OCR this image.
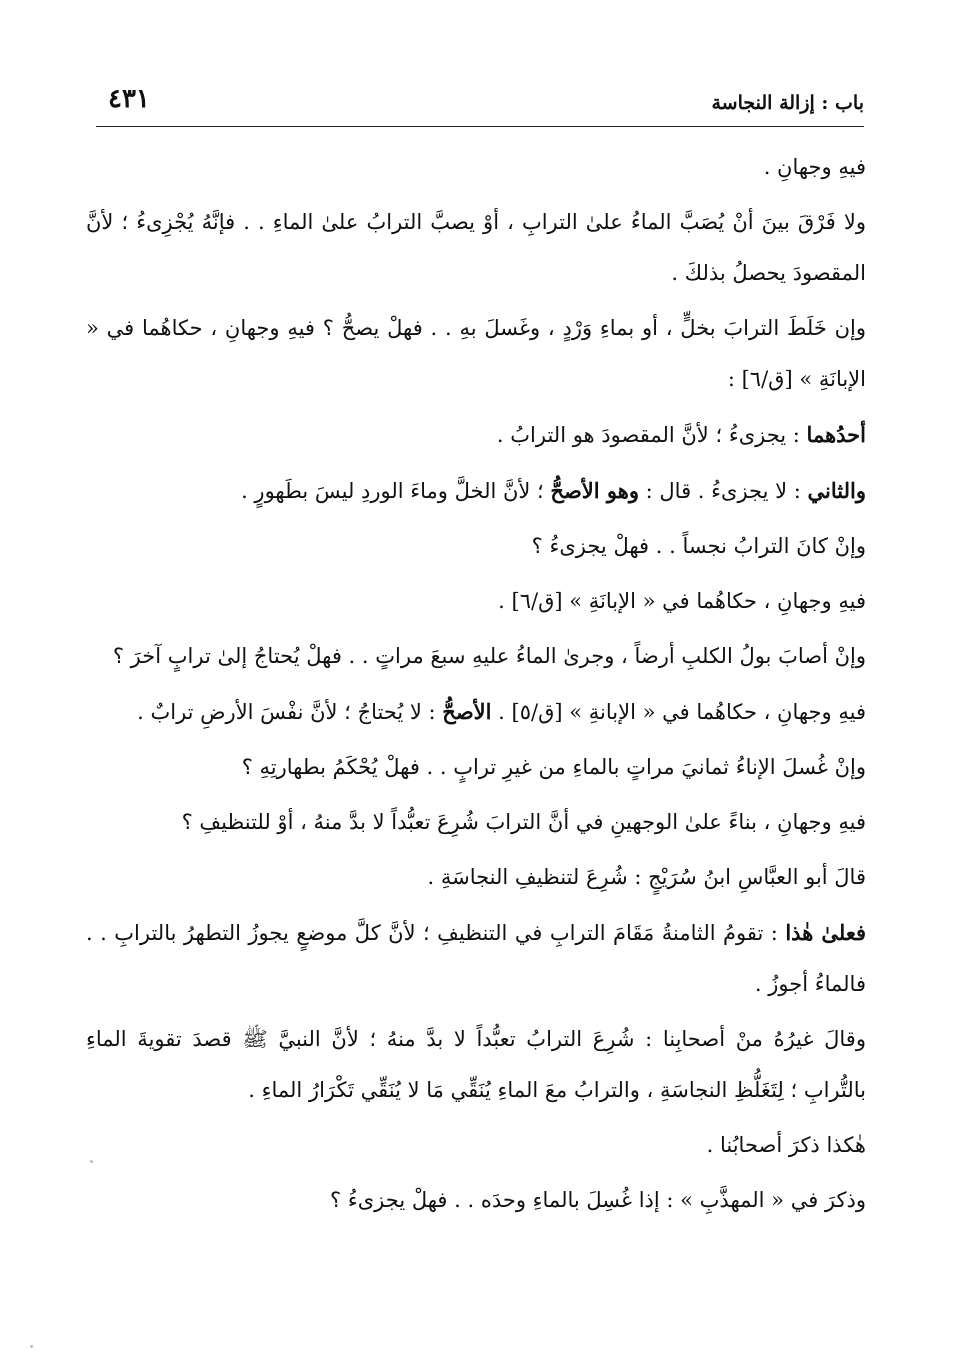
٤٣١	باب : إزالة النجاسة

فيهِ وجهانِ .

ولا فَرْقَ بينَ أنْ يُصَبَّ الماءُ علىٰ الترابِ ، أوْ يصبَّ الترابُ علىٰ الماءِ . . فإنَّهُ يُجْزِىءُ ؛ لأنَّ المقصودَ يحصلُ بذلكَ .

وإن خَلَطَ الترابَ بخلٍّ ، أو بماءِ وَرْدٍ ، وغَسلَ بهِ . . فهلْ يصحُّ ؟ فيهِ وجهانِ ، حكاهُما في « الإبانَةِ » [ق/٦] :

أحدُهما : يجزىءُ ؛ لأنَّ المقصودَ هو الترابُ .

والثاني : لا يجزىءُ . قال : وهو الأصحُّ ؛ لأنَّ الخلَّ وماءَ الوردِ ليسَ بطَهورٍ .

وإنْ كانَ الترابُ نجساً . . فهلْ يجزىءُ ؟

فيهِ وجهانِ ، حكاهُما في « الإبانَةِ » [ق/٦] .

وإنْ أصابَ بولُ الكلبِ أرضاً ، وجرىٰ الماءُ عليهِ سبعَ مراتٍ . . فهلْ يُحتاجُ إلىٰ ترابٍ آخرَ ؟

فيهِ وجهانِ ، حكاهُما في « الإبانةِ » [ق/٥] . الأصحُّ : لا يُحتاجُ ؛ لأنَّ نفْسَ الأرضِ ترابٌ .

وإنْ غُسلَ الإناءُ ثمانيَ مراتٍ بالماءِ من غيرِ ترابٍ . . فهلْ يُحْكَمُ بطهارتِهِ ؟

فيهِ وجهانِ ، بناءً علىٰ الوجهينِ في أنَّ الترابَ شُرِعَ تعبُّداً لا بدَّ منهُ ، أوْ للتنظيفِ ؟

قالَ أبو العبَّاسِ ابنُ سُرَيْجٍ : شُرِعَ لتنظيفِ النجاسَةِ .

فعلىٰ هٰذا : تقومُ الثامنةُ مَقَامَ الترابِ في التنظيفِ ؛ لأنَّ كلَّ موضعٍ يجوزُ التطهرُ بالترابِ . . فالماءُ أجوزُ .

وقالَ غيرُهُ منْ أصحابِنا : شُرِعَ الترابُ تعبُّداً لا بدَّ منهُ ؛ لأنَّ النبيَّ ﷺ قصدَ تقويةَ الماءِ بالتُّرابِ ؛ لِتَغَلُّظِ النجاسَةِ ، والترابُ معَ الماءِ يُنَقِّي مَا لا يُنَقِّي تَكْرَارُ الماءِ .

هٰكذا ذكرَ أصحابُنا .

وذكرَ في « المهذَّبِ » : إذا غُسِلَ بالماءِ وحدَه . . فهلْ يجزىءُ ؟
